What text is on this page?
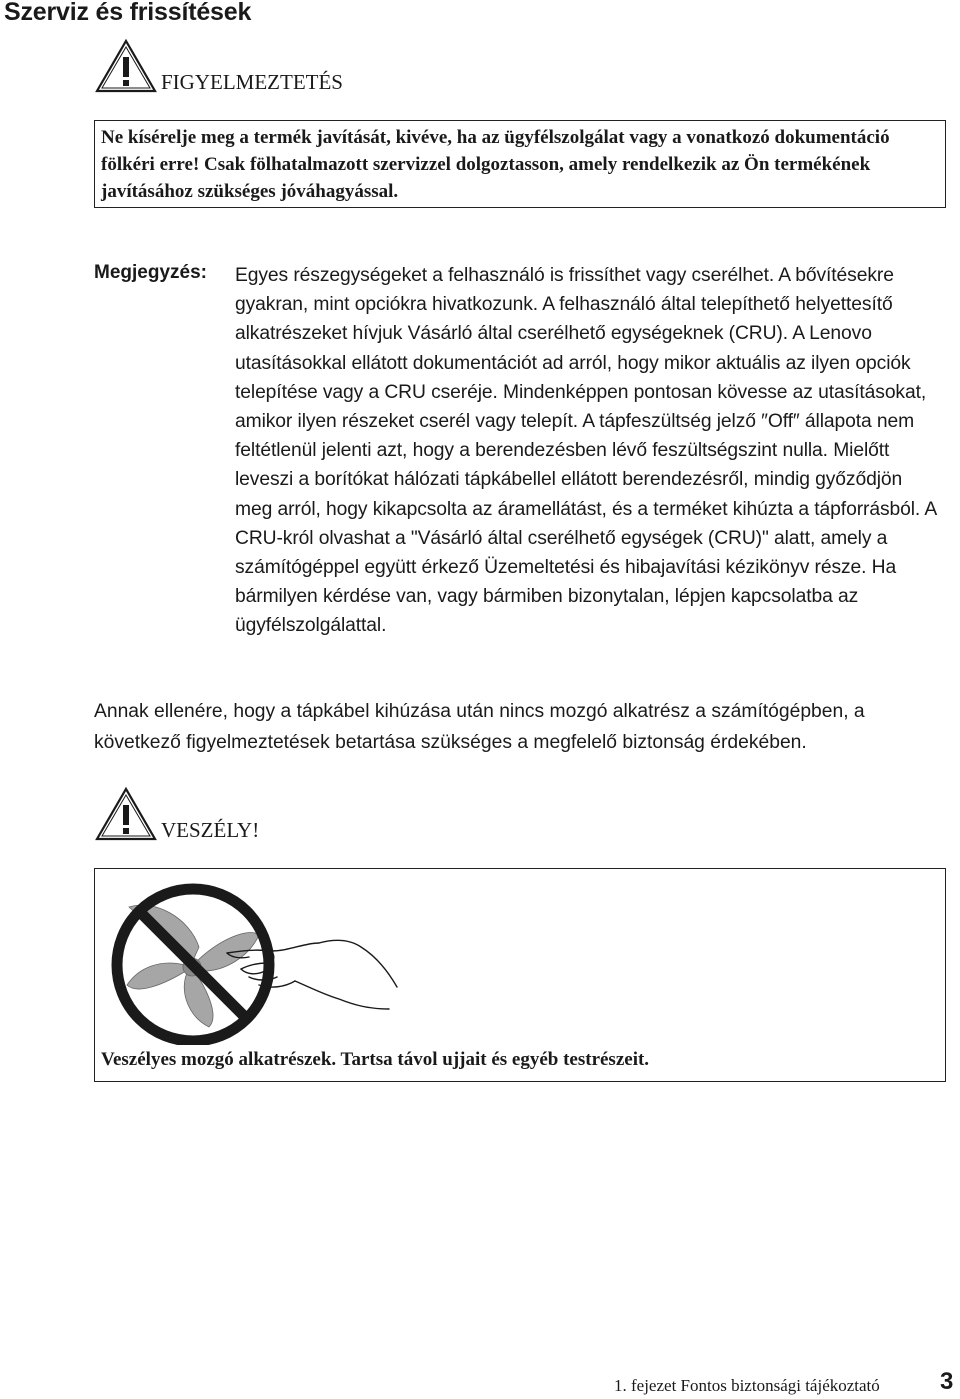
Szerviz és frissítések
FIGYELMEZTETÉS
Ne kísérelje meg a termék javítását, kivéve, ha az ügyfélszolgálat vagy a vonatkozó dokumentáció fölkéri erre! Csak fölhatalmazott szervizzel dolgoztasson, amely rendelkezik az Ön termékének javításához szükséges jóváhagyással.
Megjegyzés: Egyes részegységeket a felhasználó is frissíthet vagy cserélhet. A bővítésekre gyakran, mint opciókra hivatkozunk. A felhasználó által telepíthető helyettesítő alkatrészeket hívjuk Vásárló által cserélhető egységeknek (CRU). A Lenovo utasításokkal ellátott dokumentációt ad arról, hogy mikor aktuális az ilyen opciók telepítése vagy a CRU cseréje. Mindenképpen pontosan kövesse az utasításokat, amikor ilyen részeket cserél vagy telepít. A tápfeszültség jelző ″Off″ állapota nem feltétlenül jelenti azt, hogy a berendezésben lévő feszültségszint nulla. Mielőtt leveszi a borítókat hálózati tápkábellel ellátott berendezésről, mindig győződjön meg arról, hogy kikapcsolta az áramellátást, és a terméket kihúzta a tápforrásból. A CRU-król olvashat a "Vásárló által cserélhető egységek (CRU)" alatt, amely a számítógéppel együtt érkező Üzemeltetési és hibajavítási kézikönyv része. Ha bármilyen kérdése van, vagy bármiben bizonytalan, lépjen kapcsolatba az ügyfélszolgálattal.
Annak ellenére, hogy a tápkábel kihúzása után nincs mozgó alkatrész a számítógépben, a következő figyelmeztetések betartása szükséges a megfelelő biztonság érdekében.
VESZÉLY!
Veszélyes mozgó alkatrészek. Tartsa távol ujjait és egyéb testrészeit.
1. fejezet Fontos biztonsági tájékoztató	3
